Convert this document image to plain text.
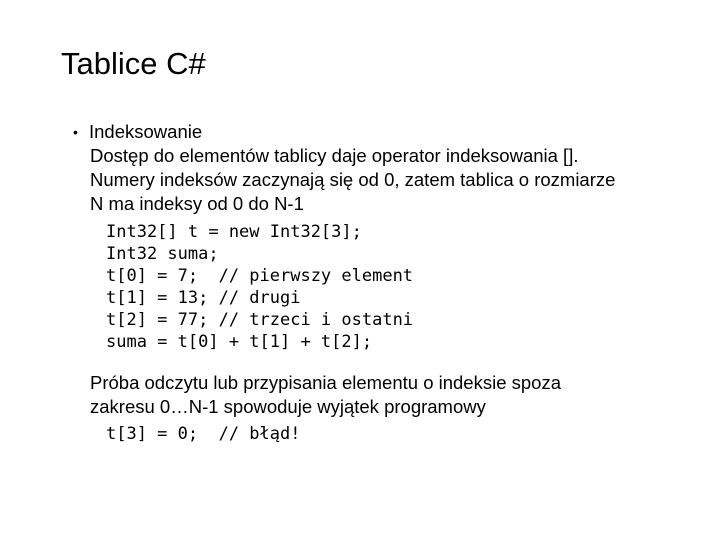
Tablice C#
• Indeksowanie
Dostęp do elementów tablicy daje operator indeksowania [].
Numery indeksów zaczynają się od 0, zatem tablica o rozmiarze
N ma indeksy od 0 do N-1
Int32[] t = new Int32[3];
Int32 suma;
t[0] = 7;  // pierwszy element
t[1] = 13; // drugi
t[2] = 77; // trzeci i ostatni
suma = t[0] + t[1] + t[2];
Próba odczytu lub przypisania elementu o indeksie spoza
zakresu 0…N-1 spowoduje wyjątek programowy
t[3] = 0;  // błąd!
